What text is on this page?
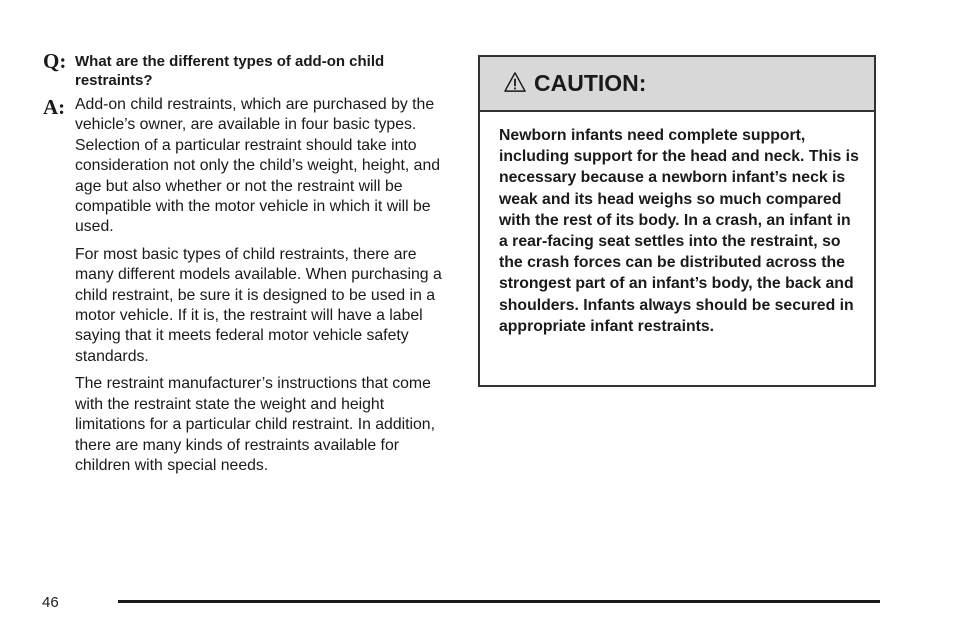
Q: What are the different types of add-on child restraints?
A: Add-on child restraints, which are purchased by the vehicle’s owner, are available in four basic types. Selection of a particular restraint should take into consideration not only the child’s weight, height, and age but also whether or not the restraint will be compatible with the motor vehicle in which it will be used.

For most basic types of child restraints, there are many different models available. When purchasing a child restraint, be sure it is designed to be used in a motor vehicle. If it is, the restraint will have a label saying that it meets federal motor vehicle safety standards.

The restraint manufacturer’s instructions that come with the restraint state the weight and height limitations for a particular child restraint. In addition, there are many kinds of restraints available for children with special needs.

CAUTION:
Newborn infants need complete support, including support for the head and neck. This is necessary because a newborn infant’s neck is weak and its head weighs so much compared with the rest of its body. In a crash, an infant in a rear-facing seat settles into the restraint, so the crash forces can be distributed across the strongest part of an infant’s body, the back and shoulders. Infants always should be secured in appropriate infant restraints.
46
